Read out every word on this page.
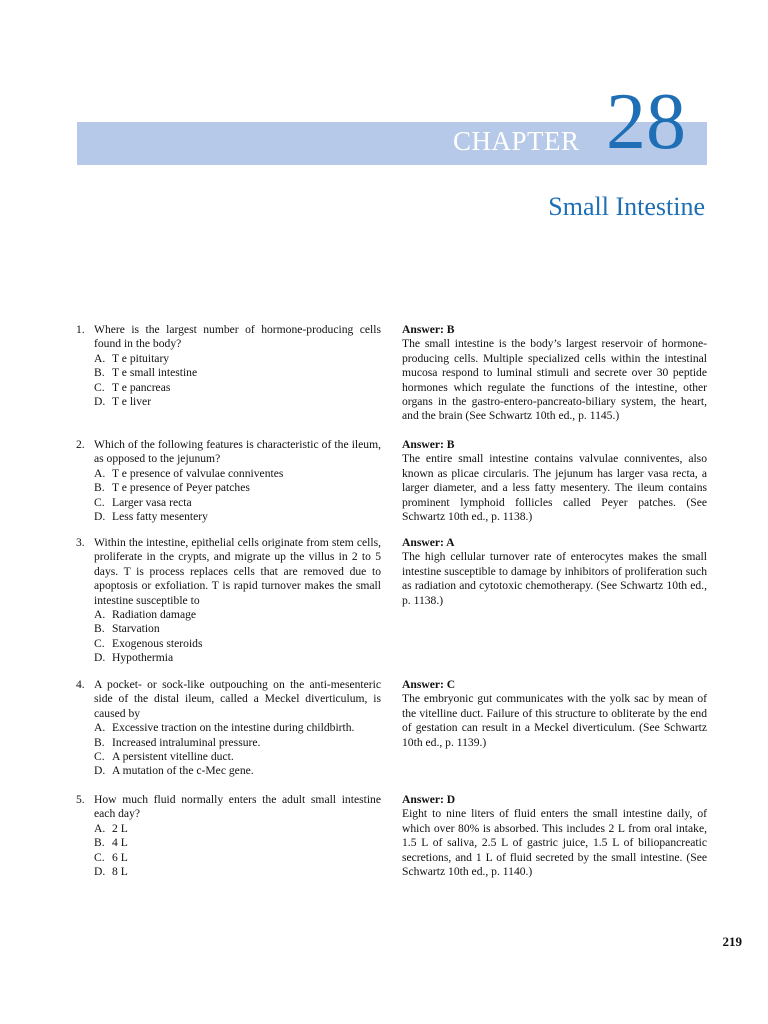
CHAPTER 28
Small Intestine
1. Where is the largest number of hormone-producing cells found in the body?
A. T e pituitary
B. T e small intestine
C. T e pancreas
D. T e liver
Answer: B
The small intestine is the body’s largest reservoir of hormone-producing cells. Multiple specialized cells within the intestinal mucosa respond to luminal stimuli and secrete over 30 peptide hormones which regulate the functions of the intestine, other organs in the gastro-entero-pancreato-biliary system, the heart, and the brain (See Schwartz 10th ed., p. 1145.)
2. Which of the following features is characteristic of the ileum, as opposed to the jejunum?
A. T e presence of valvulae conniventes
B. T e presence of Peyer patches
C. Larger vasa recta
D. Less fatty mesentery
Answer: B
The entire small intestine contains valvulae conniventes, also known as plicae circularis. The jejunum has larger vasa recta, a larger diameter, and a less fatty mesentery. The ileum contains prominent lymphoid follicles called Peyer patches. (See Schwartz 10th ed., p. 1138.)
3. Within the intestine, epithelial cells originate from stem cells, proliferate in the crypts, and migrate up the villus in 2 to 5 days. T is process replaces cells that are removed due to apoptosis or exfoliation. T is rapid turnover makes the small intestine susceptible to
A. Radiation damage
B. Starvation
C. Exogenous steroids
D. Hypothermia
Answer: A
The high cellular turnover rate of enterocytes makes the small intestine susceptible to damage by inhibitors of proliferation such as radiation and cytotoxic chemotherapy. (See Schwartz 10th ed., p. 1138.)
4. A pocket- or sock-like outpouching on the anti-mesenteric side of the distal ileum, called a Meckel diverticulum, is caused by
A. Excessive traction on the intestine during childbirth.
B. Increased intraluminal pressure.
C. A persistent vitelline duct.
D. A mutation of the c-Mec gene.
Answer: C
The embryonic gut communicates with the yolk sac by mean of the vitelline duct. Failure of this structure to obliterate by the end of gestation can result in a Meckel diverticulum. (See Schwartz 10th ed., p. 1139.)
5. How much fluid normally enters the adult small intestine each day?
A. 2 L
B. 4 L
C. 6 L
D. 8 L
Answer: D
Eight to nine liters of fluid enters the small intestine daily, of which over 80% is absorbed. This includes 2 L from oral intake, 1.5 L of saliva, 2.5 L of gastric juice, 1.5 L of biliopancreatic secretions, and 1 L of fluid secreted by the small intestine. (See Schwartz 10th ed., p. 1140.)
219
